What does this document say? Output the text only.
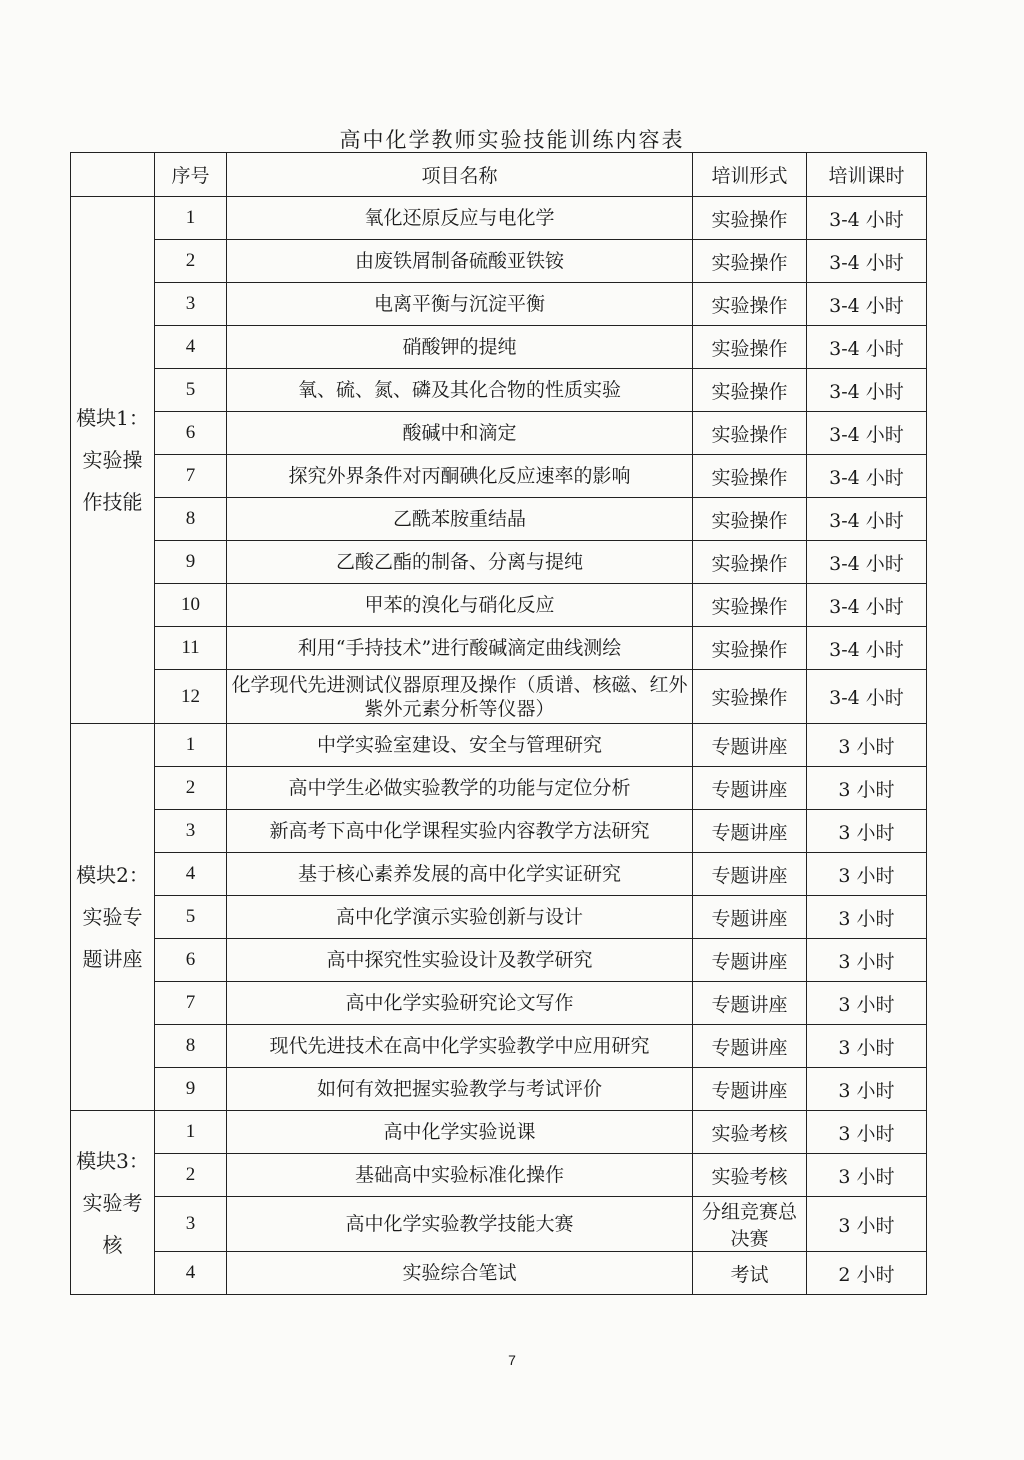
高中化学教师实验技能训练内容表
	序号	项目名称	培训形式	培训课时
模块1：实验操作技能	1	氧化还原反应与电化学	实验操作	3-4 小时
	2	由废铁屑制备硫酸亚铁铵	实验操作	3-4 小时
	3	电离平衡与沉淀平衡	实验操作	3-4 小时
	4	硝酸钾的提纯	实验操作	3-4 小时
	5	氧、硫、氮、磷及其化合物的性质实验	实验操作	3-4 小时
	6	酸碱中和滴定	实验操作	3-4 小时
	7	探究外界条件对丙酮碘化反应速率的影响	实验操作	3-4 小时
	8	乙酰苯胺重结晶	实验操作	3-4 小时
	9	乙酸乙酯的制备、分离与提纯	实验操作	3-4 小时
	10	甲苯的溴化与硝化反应	实验操作	3-4 小时
	11	利用“手持技术”进行酸碱滴定曲线测绘	实验操作	3-4 小时
	12	化学现代先进测试仪器原理及操作（质谱、核磁、红外紫外元素分析等仪器）	实验操作	3-4 小时
模块2：实验专题讲座	1	中学实验室建设、安全与管理研究	专题讲座	3 小时
	2	高中学生必做实验教学的功能与定位分析	专题讲座	3 小时
	3	新高考下高中化学课程实验内容教学方法研究	专题讲座	3 小时
	4	基于核心素养发展的高中化学实证研究	专题讲座	3 小时
	5	高中化学演示实验创新与设计	专题讲座	3 小时
	6	高中探究性实验设计及教学研究	专题讲座	3 小时
	7	高中化学实验研究论文写作	专题讲座	3 小时
	8	现代先进技术在高中化学实验教学中应用研究	专题讲座	3 小时
	9	如何有效把握实验教学与考试评价	专题讲座	3 小时
模块3：实验考核	1	高中化学实验说课	实验考核	3 小时
	2	基础高中实验标准化操作	实验考核	3 小时
	3	高中化学实验教学技能大赛	分组竞赛总决赛	3 小时
	4	实验综合笔试	考试	2 小时
7
